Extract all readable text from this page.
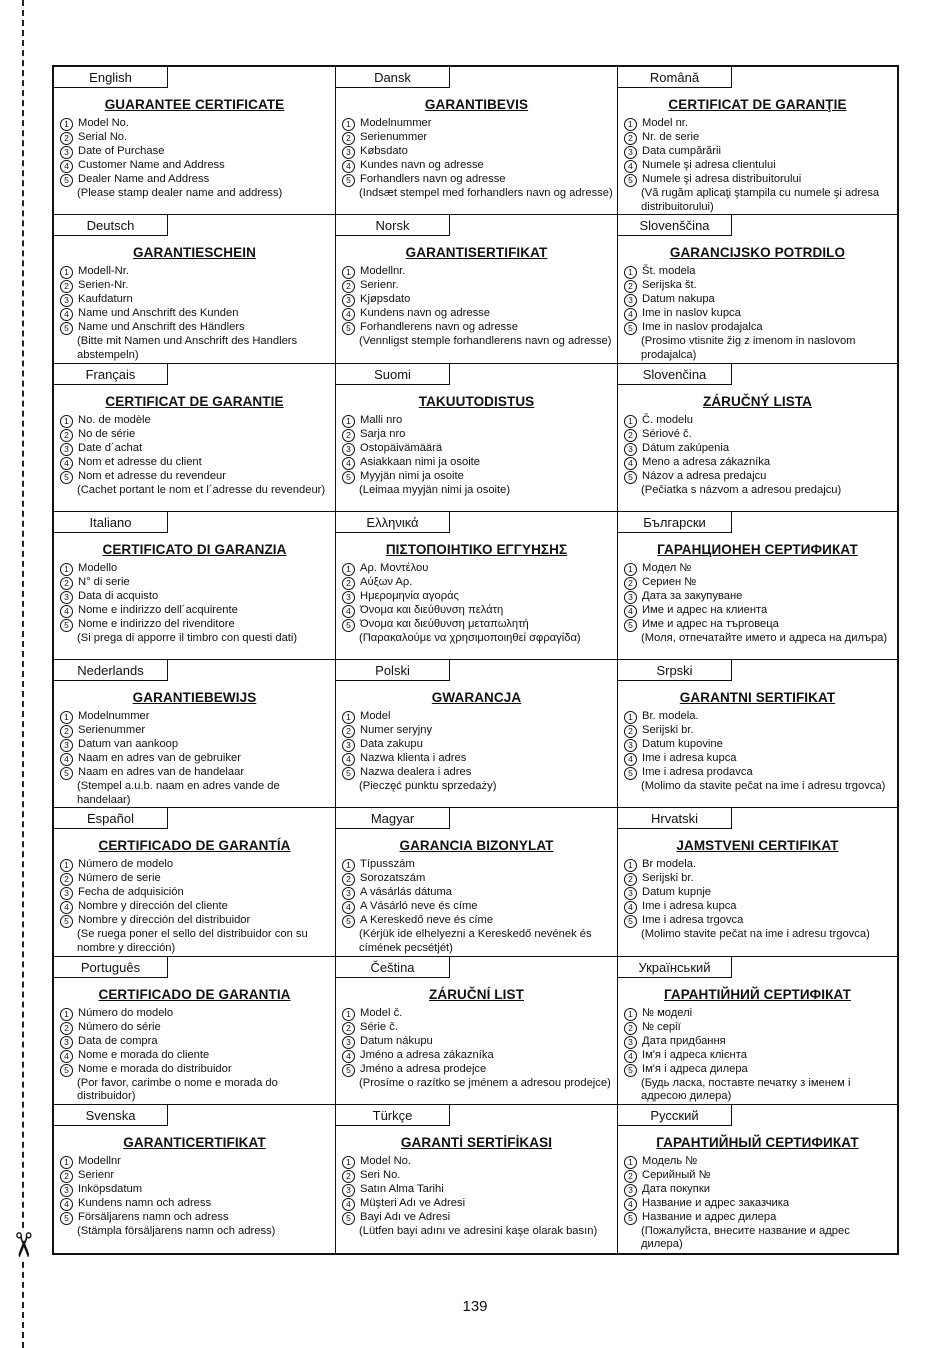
✂
English
GUARANTEE CERTIFICATE
1 Model No.
2 Serial No.
3 Date of Purchase
4 Customer Name and Address
5 Dealer Name and Address
(Please stamp dealer name and address)
Dansk
GARANTIBEVIS
1 Modelnummer
2 Serienummer
3 Købsdato
4 Kundes navn og adresse
5 Forhandlers navn og adresse
(Indsæt stempel med forhandlers navn og adresse)
Română
CERTIFICAT DE GARANŢIE
1 Model nr.
2 Nr. de serie
3 Data cumpărării
4 Numele şi adresa clientului
5 Numele şi adresa distribuitorului
(Vă rugăm aplicaţi ştampila cu numele şi adresa distribuitorului)
Deutsch
GARANTIESCHEIN
1 Modell-Nr.
2 Serien-Nr.
3 Kaufdaturn
4 Name und Anschrift des Kunden
5 Name und Anschrift des Händlers
(Bitte mit Namen und Anschrift des Handlers abstempeln)
Norsk
GARANTISERTIFIKAT
1 Modellnr.
2 Serienr.
3 Kjøpsdato
4 Kundens navn og adresse
5 Forhandlerens navn og adresse
(Vennligst stemple forhandlerens navn og adresse)
Slovenščina
GARANCIJSKO POTRDILO
1 Št. modela
2 Serijska št.
3 Datum nakupa
4 Ime in naslov kupca
5 Ime in naslov prodajalca
(Prosimo vtisnite žig z imenom in naslovom prodajalca)
Français
CERTIFICAT DE GARANTIE
1 No. de modèle
2 No de série
3 Date d´achat
4 Nom et adresse du client
5 Nom et adresse du revendeur
(Cachet portant le nom et l´adresse du revendeur)
Suomi
TAKUUTODISTUS
1 Malli nro
2 Sarja nro
3 Ostopäivämäärä
4 Asiakkaan nimi ja osoite
5 Myyjän nimi ja osoite
(Leimaa myyjän nimi ja osoite)
Slovenčina
ZÁRUČNÝ LISTA
1 Č. modelu
2 Sériové č.
3 Dátum zakúpenia
4 Meno a adresa zákazníka
5 Názov a adresa predajcu
(Pečiatka s názvom a adresou predajcu)
Italiano
CERTIFICATO DI GARANZIA
1 Modello
2 N° di serie
3 Data di acquisto
4 Nome e indirizzo dell´acquirente
5 Nome e indirizzo del rivenditore
(Si prega di apporre il timbro con questi dati)
Ελληνικά
ΠΙΣΤΟΠΟΙΗΤΙΚΟ ΕΓΓΥΗΣΗΣ
1 Αρ. Μοντέλου
2 Αύξων Αρ.
3 Ημερομηνία αγοράς
4 Όνομα και διεύθυνση πελάτη
5 Όνομα και διεύθυνση μεταπωλητή
(Παρακαλούμε να χρησιμοποιηθεί σφραγίδα)
Български
ГАРАНЦИОНЕН СЕРТИФИКАТ
1 Модел №
2 Сериен №
3 Дата за закупуване
4 Име и адрес на клиента
5 Име и адрес на търговеца
(Моля, отпечатайте името и адреса на дилъра)
Nederlands
GARANTIEBEWIJS
1 Modelnummer
2 Serienummer
3 Datum van aankoop
4 Naam en adres van de gebruiker
5 Naam en adres van de handelaar
(Stempel a.u.b. naam en adres vande de handelaar)
Polski
GWARANCJA
1 Model
2 Numer seryjny
3 Data zakupu
4 Nazwa klienta i adres
5 Nazwa dealera i adres
(Pieczęć punktu sprzedaży)
Srpski
GARANTNI SERTIFIKAT
1 Br. modela.
2 Serijski br.
3 Datum kupovine
4 Ime i adresa kupca
5 Ime i adresa prodavca
(Molimo da stavite pečat na ime i adresu trgovca)
Español
CERTIFICADO DE GARANTÍA
1 Número de modelo
2 Número de serie
3 Fecha de adquisición
4 Nombre y dirección del cliente
5 Nombre y dirección del distribuidor
(Se ruega poner el sello del distribuidor con su nombre y dirección)
Magyar
GARANCIA BIZONYLAT
1 Típusszám
2 Sorozatszám
3 A vásárlás dátuma
4 A Vásárló neve és címe
5 A Kereskedő neve és címe
(Kérjük ide elhelyezni a Kereskedő nevének és címének pecsétjét)
Hrvatski
JAMSTVENI CERTIFIKAT
1 Br modela.
2 Serijski br.
3 Datum kupnje
4 Ime i adresa kupca
5 Ime i adresa trgovca
(Molimo stavite pečat na ime i adresu trgovca)
Português
CERTIFICADO DE GARANTIA
1 Número do modelo
2 Número do série
3 Data de compra
4 Nome e morada do cliente
5 Nome e morada do distribuidor
(Por favor, carimbe o nome e morada do distribuidor)
Čeština
ZÁRUČNÍ LIST
1 Model č.
2 Série č.
3 Datum nákupu
4 Jméno a adresa zákazníka
5 Jméno a adresa prodejce
(Prosíme o razítko se jménem a adresou prodejce)
Український
ГАРАНТІЙНИЙ СЕРТИФІКАТ
1 № моделі
2 № серії
3 Дата придбання
4 Ім'я і адреса клієнта
5 Ім'я і адреса дилера
(Будь ласка, поставте печатку з іменем і адресою дилера)
Svenska
GARANTICERTIFIKAT
1 Modellnr
2 Serienr
3 Inköpsdatum
4 Kundens namn och adress
5 Försäljarens namn och adress
(Stämpla försäljarens namn och adress)
Türkçe
GARANTİ SERTİFİKASI
1 Model No.
2 Seri No.
3 Satın Alma Tarihi
4 Müşteri Adı ve Adresi
5 Bayi Adı ve Adresi
(Lütfen bayi adını ve adresini kaşe olarak basın)
Русский
ГАРАНТИЙНЫЙ СЕРТИФИКАТ
1 Модель №
2 Серийный №
3 Дата покупки
4 Название и адрес заказчика
5 Название и адрес дилера
(Пожалуйста, внесите название и адрес дилера)
139
